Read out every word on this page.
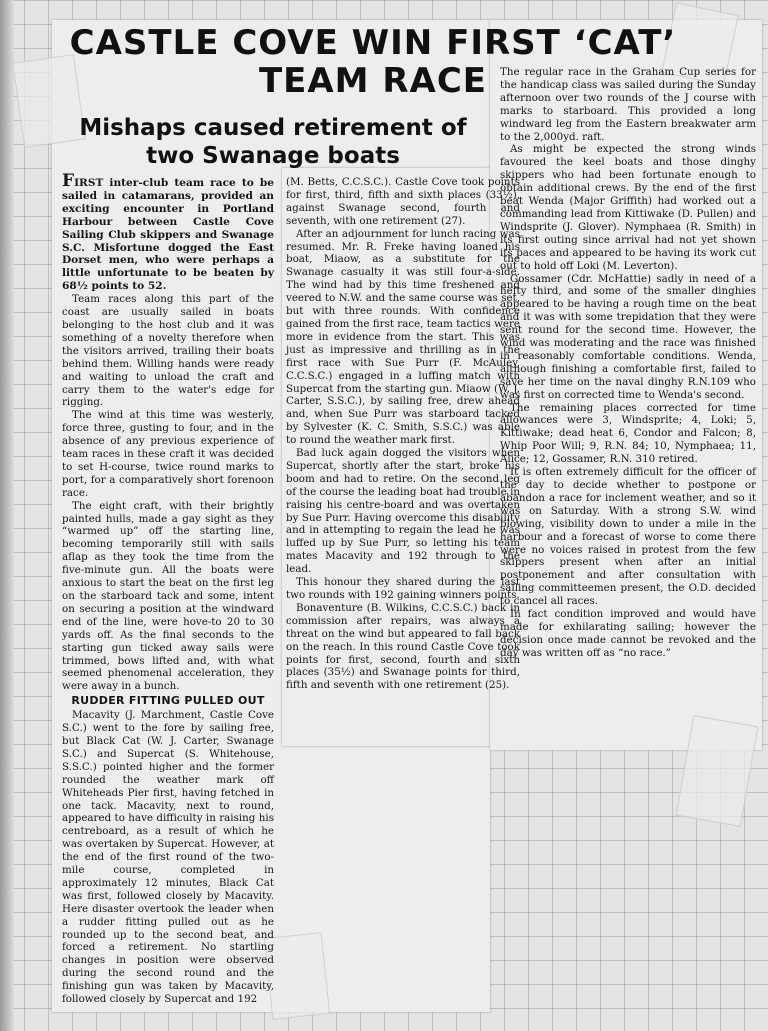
CASTLE COVE WIN FIRST ‘CAT’ TEAM RACE
Mishaps caused retirement of two Swanage boats

FIRST inter-club team race to be sailed in catamarans, provided an exciting encounter in Portland Harbour between Castle Cove Sailing Club skippers and Swanage S.C. Misfortune dogged the East Dorset men, who were perhaps a little unfortunate to be beaten by 68½ points to 52.

Team races along this part of the coast are usually sailed in boats belonging to the host club and it was something of a novelty therefore when the visitors arrived, trailing their boats behind them. Willing hands were ready and waiting to unload the craft and carry them to the water's edge for rigging.

The wind at this time was westerly, force three, gusting to four, and in the absence of any previous experience of team races in these craft it was decided to set H-course, twice round marks to port, for a comparatively short forenoon race.

The eight craft, with their brightly painted hulls, made a gay sight as they “warmed up” off the starting line, becoming temporarily still with sails aflap as they took the time from the five-minute gun. All the boats were anxious to start the beat on the first leg on the starboard tack and some, intent on securing a position at the windward end of the line, were hove-to 20 to 30 yards off. As the final seconds to the starting gun ticked away sails were trimmed, bows lifted and, with what seemed phenomenal acceleration, they were away in a bunch.

RUDDER FITTING PULLED OUT

Macavity (J. Marchment, Castle Cove S.C.) went to the fore by sailing free, but Black Cat (W. J. Carter, Swanage S.C.) and Supercat (S. Whitehouse, S.S.C.) pointed higher and the former rounded the weather mark off Whiteheads Pier first, having fetched in one tack. Macavity, next to round, appeared to have difficulty in raising his centreboard, as a result of which he was overtaken by Supercat. However, at the end of the first round of the two-mile course, completed in approximately 12 minutes, Black Cat was first, followed closely by Macavity. Here disaster overtook the leader when a rudder fitting pulled out as he rounded up to the second beat, and forced a retirement. No startling changes in position were observed during the second round and the finishing gun was taken by Macavity, followed closely by Supercat and 192

(M. Betts, C.C.S.C.). Castle Cove took points for first, third, fifth and sixth places (33½), against Swanage second, fourth and seventh, with one retirement (27).

After an adjournment for lunch racing was resumed. Mr. R. Freke having loaned his boat, Miaow, as a substitute for the Swanage casualty it was still four-a-side. The wind had by this time freshened and veered to N.W. and the same course was set, but with three rounds. With confidence gained from the first race, team tactics were more in evidence from the start. This was just as impressive and thrilling as in the first race with Sue Purr (F. McAuley, C.C.S.C.) engaged in a luffing match with Supercat from the starting gun. Miaow (W. J. Carter, S.S.C.), by sailing free, drew ahead and, when Sue Purr was starboard tacked by Sylvester (K. C. Smith, S.S.C.) was able to round the weather mark first.

Bad luck again dogged the visitors when Supercat, shortly after the start, broke his boom and had to retire. On the second leg of the course the leading boat had trouble in raising his centre-board and was overtaken by Sue Purr. Having overcome this disability and in attempting to regain the lead he was luffed up by Sue Purr, so letting his team mates Macavity and 192 through to the lead.

This honour they shared during the last two rounds with 192 gaining winners points.

Bonaventure (B. Wilkins, C.C.S.C.) back in commission after repairs, was always a threat on the wind but appeared to fall back on the reach. In this round Castle Cove took points for first, second, fourth and sixth places (35½) and Swanage points for third, fifth and seventh with one retirement (25).

The regular race in the Graham Cup series for the handicap class was sailed during the Sunday afternoon over two rounds of the J course with marks to starboard. This provided a long windward leg from the Eastern breakwater arm to the 2,000yd. raft.

As might be expected the strong winds favoured the keel boats and those dinghy skippers who had been fortunate enough to obtain additional crews. By the end of the first beat Wenda (Major Griffith) had worked out a commanding lead from Kittiwake (D. Pullen) and Windsprite (J. Glover). Nymphaea (R. Smith) in its first outing since arrival had not yet shown its paces and appeared to be having its work cut out to hold off Loki (M. Leverton).

Gossamer (Cdr. McHattie) sadly in need of a hefty third, and some of the smaller dinghies appeared to be having a rough time on the beat and it was with some trepidation that they were sent round for the second time. However, the wind was moderating and the race was finished in reasonably comfortable conditions. Wenda, although finishing a comfortable first, failed to save her time on the naval dinghy R.N.109 who was first on corrected time to Wenda's second.

The remaining places corrected for time allowances were 3, Windsprite; 4, Loki; 5, Kittiwake; dead heat 6, Condor and Falcon; 8, Whip Poor Will; 9, R.N. 84; 10, Nymphaea; 11, Alice; 12, Gossamer, R.N. 310 retired.

It is often extremely difficult for the officer of the day to decide whether to postpone or abandon a race for inclement weather, and so it was on Saturday. With a strong S.W. wind blowing, visibility down to under a mile in the harbour and a forecast of worse to come there were no voices raised in protest from the few skippers present when after an initial postponement and after consultation with sailing committeemen present, the O.D. decided to cancel all races.

In fact condition improved and would have made for exhilarating sailing; however the decision once made cannot be revoked and the day was written off as “no race.”
